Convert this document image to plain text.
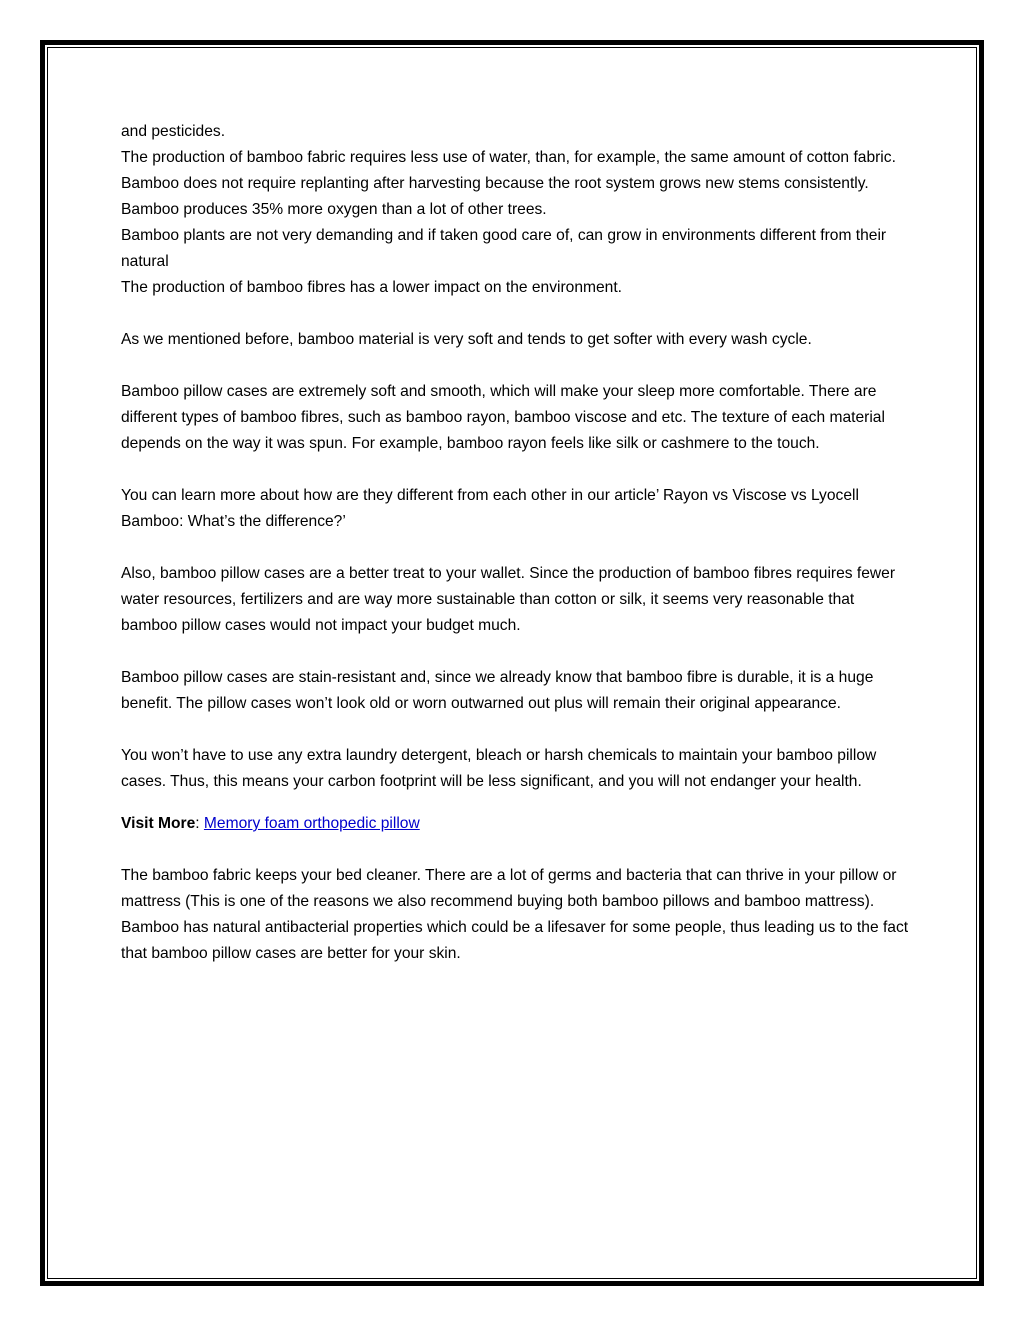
and pesticides.

The production of bamboo fabric requires less use of water, than, for example, the same amount of cotton fabric.

Bamboo does not require replanting after harvesting because the root system grows new stems consistently.

Bamboo produces 35% more oxygen than a lot of other trees.

Bamboo plants are not very demanding and if taken good care of, can grow in environments different from their natural

The production of bamboo fibres has a lower impact on the environment.

As we mentioned before, bamboo material is very soft and tends to get softer with every wash cycle.

Bamboo pillow cases are extremely soft and smooth, which will make your sleep more comfortable. There are different types of bamboo fibres, such as bamboo rayon, bamboo viscose and etc. The texture of each material depends on the way it was spun. For example, bamboo rayon feels like silk or cashmere to the touch.

You can learn more about how are they different from each other in our article’ Rayon vs Viscose vs Lyocell Bamboo: What’s the difference?’

Also, bamboo pillow cases are a better treat to your wallet. Since the production of bamboo fibres requires fewer water resources, fertilizers and are way more sustainable than cotton or silk, it seems very reasonable that bamboo pillow cases would not impact your budget much.

Bamboo pillow cases are stain-resistant and, since we already know that bamboo fibre is durable, it is a huge benefit. The pillow cases won’t look old or worn outwarned out plus will remain their original appearance.

You won’t have to use any extra laundry detergent, bleach or harsh chemicals to maintain your bamboo pillow cases. Thus, this means your carbon footprint will be less significant, and you will not endanger your health.

Visit More: Memory foam orthopedic pillow

The bamboo fabric keeps your bed cleaner. There are a lot of germs and bacteria that can thrive in your pillow or mattress (This is one of the reasons we also recommend buying both bamboo pillows and bamboo mattress). Bamboo has natural antibacterial properties which could be a lifesaver for some people, thus leading us to the fact that bamboo pillow cases are better for your skin.
